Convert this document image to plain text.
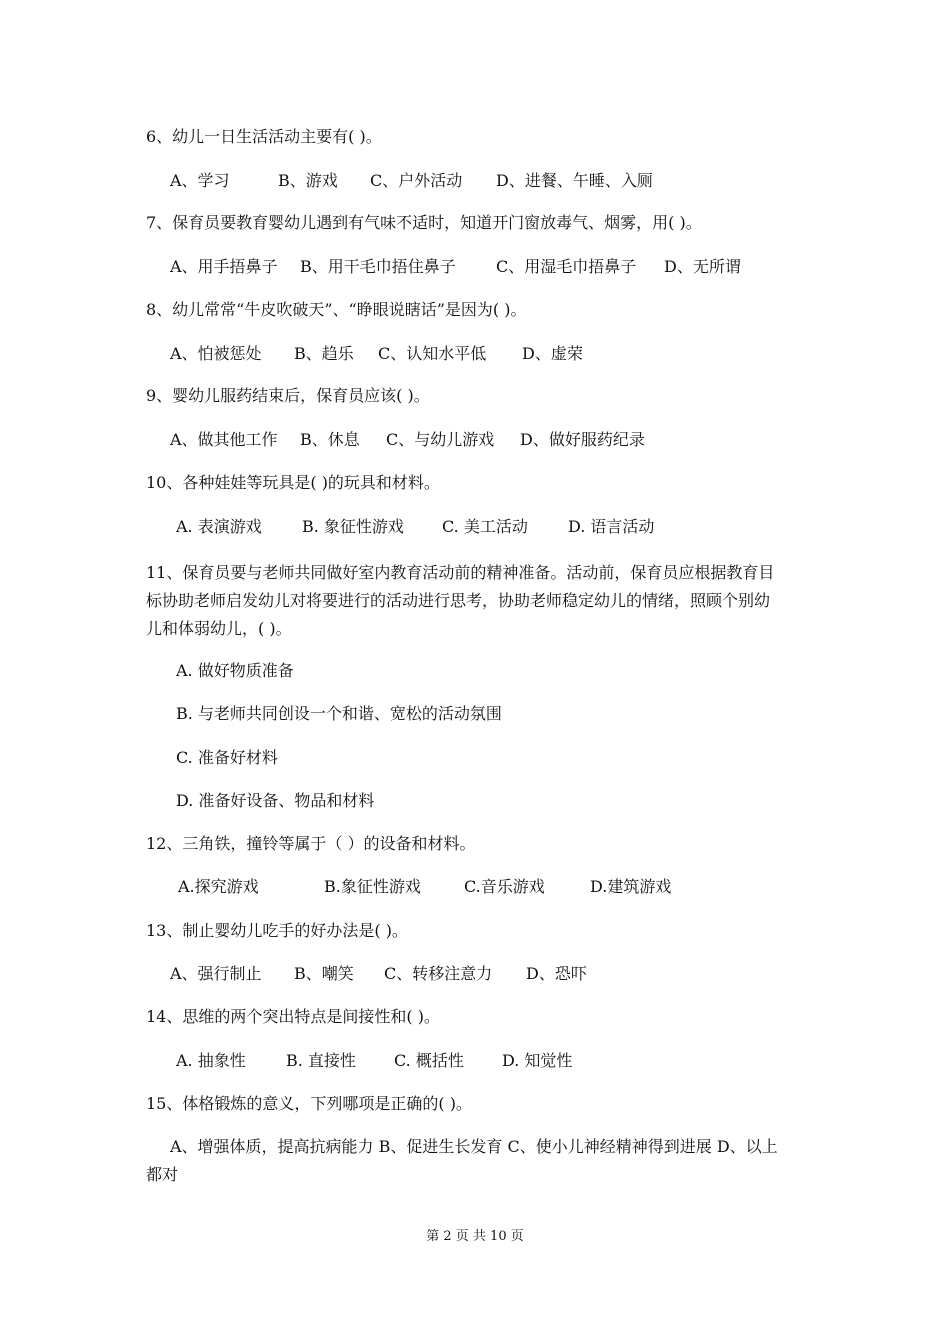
6、幼儿一日生活活动主要有( )。
A、学习	B、游戏 C、户外活动 D、进餐、午睡、入厕
7、保育员要教育婴幼儿遇到有气味不适时，知道开门窗放毒气、烟雾，用( )。
A、用手捂鼻子 B、用干毛巾捂住鼻子	C、用湿毛巾捂鼻子 D、无所谓
8、幼儿常常“牛皮吹破天”、“睁眼说瞎话”是因为( )。
A、怕被惩处 B、趋乐 C、认知水平低 D、虚荣
9、婴幼儿服药结束后，保育员应该( )。
A、做其他工作 B、休息 C、与幼儿游戏 D、做好服药纪录
10、各种娃娃等玩具是( )的玩具和材料。
A. 表演游戏	B. 象征性游戏 C. 美工活动	D. 语言活动
11、保育员要与老师共同做好室内教育活动前的精神准备。活动前，保育员应根据教育目
标协助老师启发幼儿对将要进行的活动进行思考，协助老师稳定幼儿的情绪，照顾个别幼
儿和体弱幼儿，( )。
A. 做好物质准备
B. 与老师共同创设一个和谐、宽松的活动氛围
C. 准备好材料
D. 准备好设备、物品和材料
12、三角铁，撞铃等属于（ ）的设备和材料。
A.探究游戏	B.象征性游戏	C.音乐游戏	D.建筑游戏
13、制止婴幼儿吃手的好办法是( )。
A、强行制止 B、嘲笑 C、转移注意力 D、恐吓
14、思维的两个突出特点是间接性和( )。
A. 抽象性	B. 直接性 C. 概括性 D. 知觉性
15、体格锻炼的意义，下列哪项是正确的( )。
A、增强体质，提高抗病能力 B、促进生长发育 C、使小儿神经精神得到进展 D、以上
都对
第 2 页 共 10 页
